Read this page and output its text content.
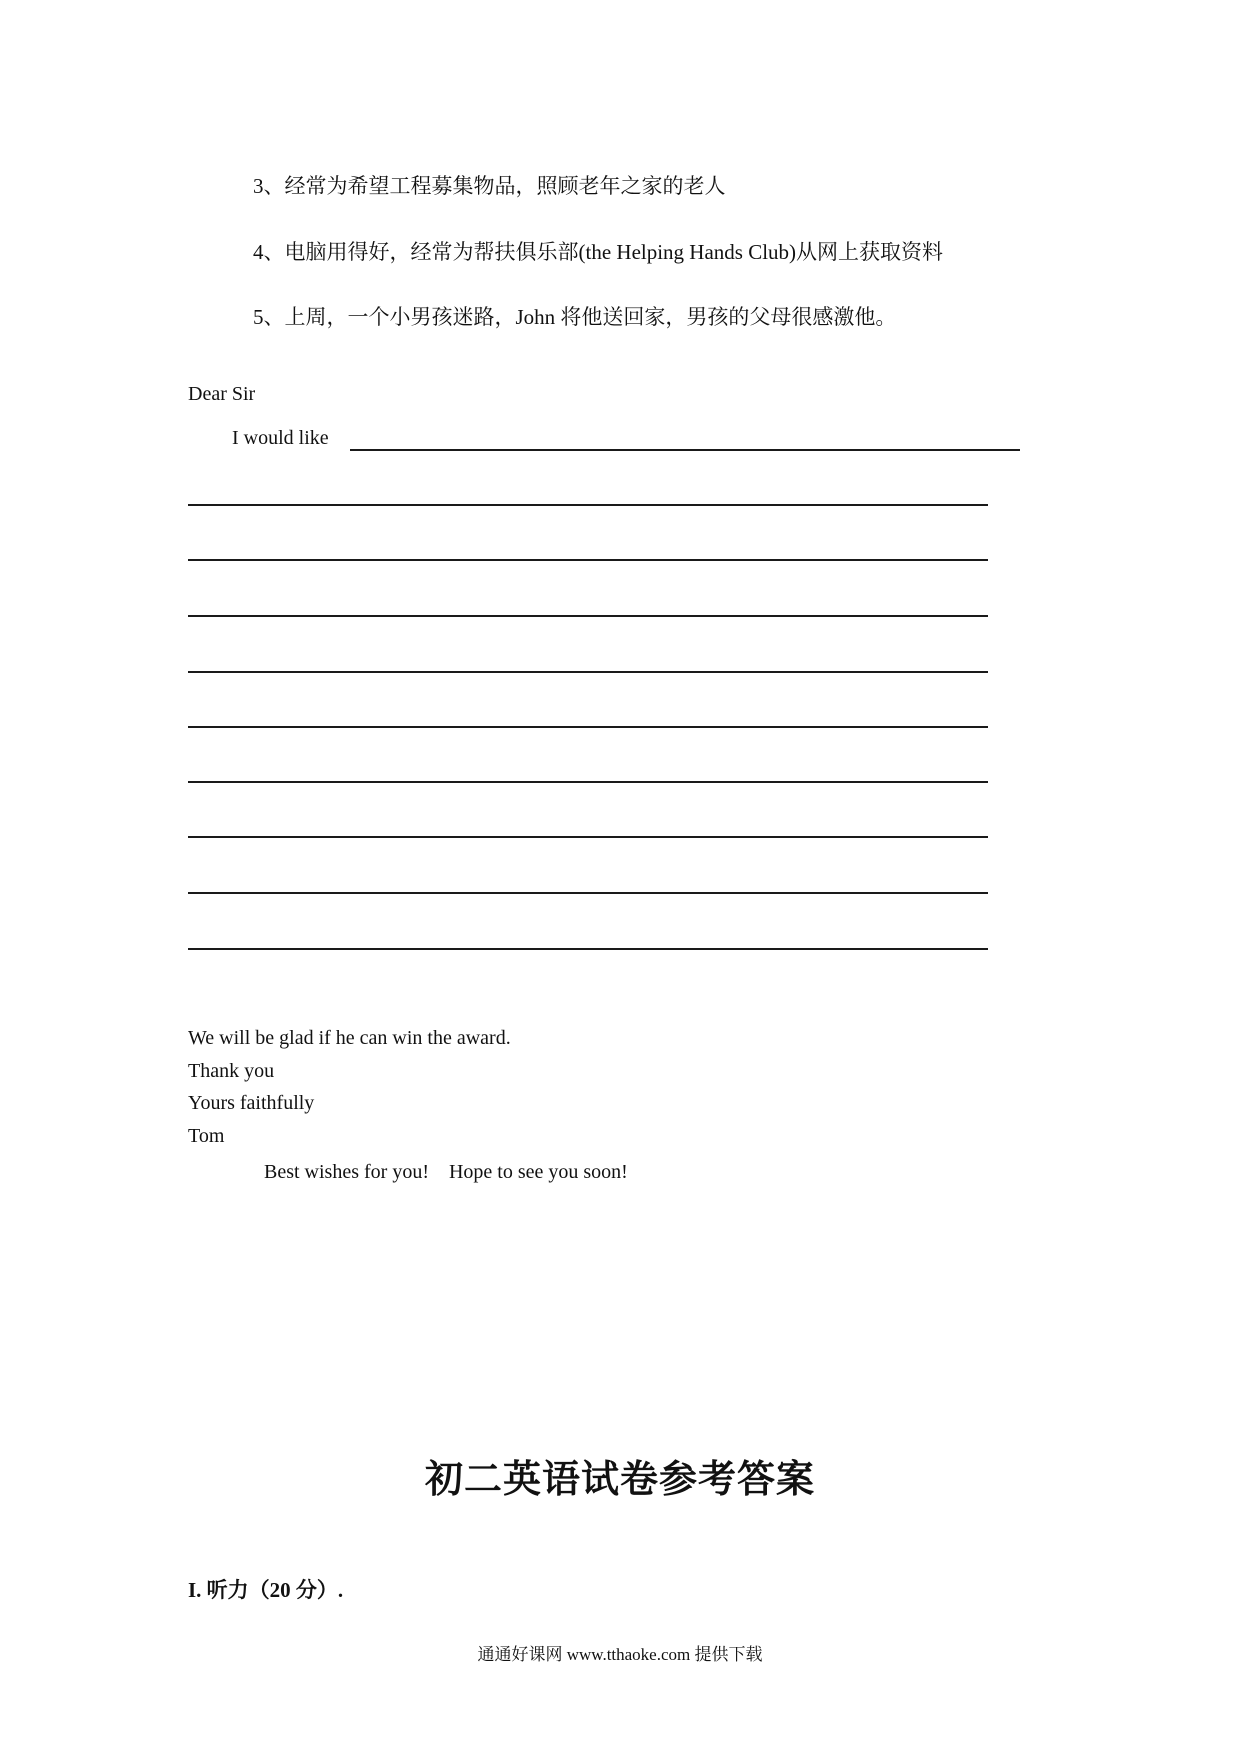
3、经常为希望工程募集物品，照顾老年之家的老人
4、电脑用得好，经常为帮扶俱乐部(the Helping Hands Club)从网上获取资料
5、上周，一个小男孩迷路，John 将他送回家，男孩的父母很感激他。
Dear Sir
I would like
We will be glad if he can win the award.
Thank you
Yours faithfully
Tom
Best wishes for you!    Hope to see you soon!
初二英语试卷参考答案
I. 听力（20 分）.
通通好课网 www.tthaoke.com 提供下载
